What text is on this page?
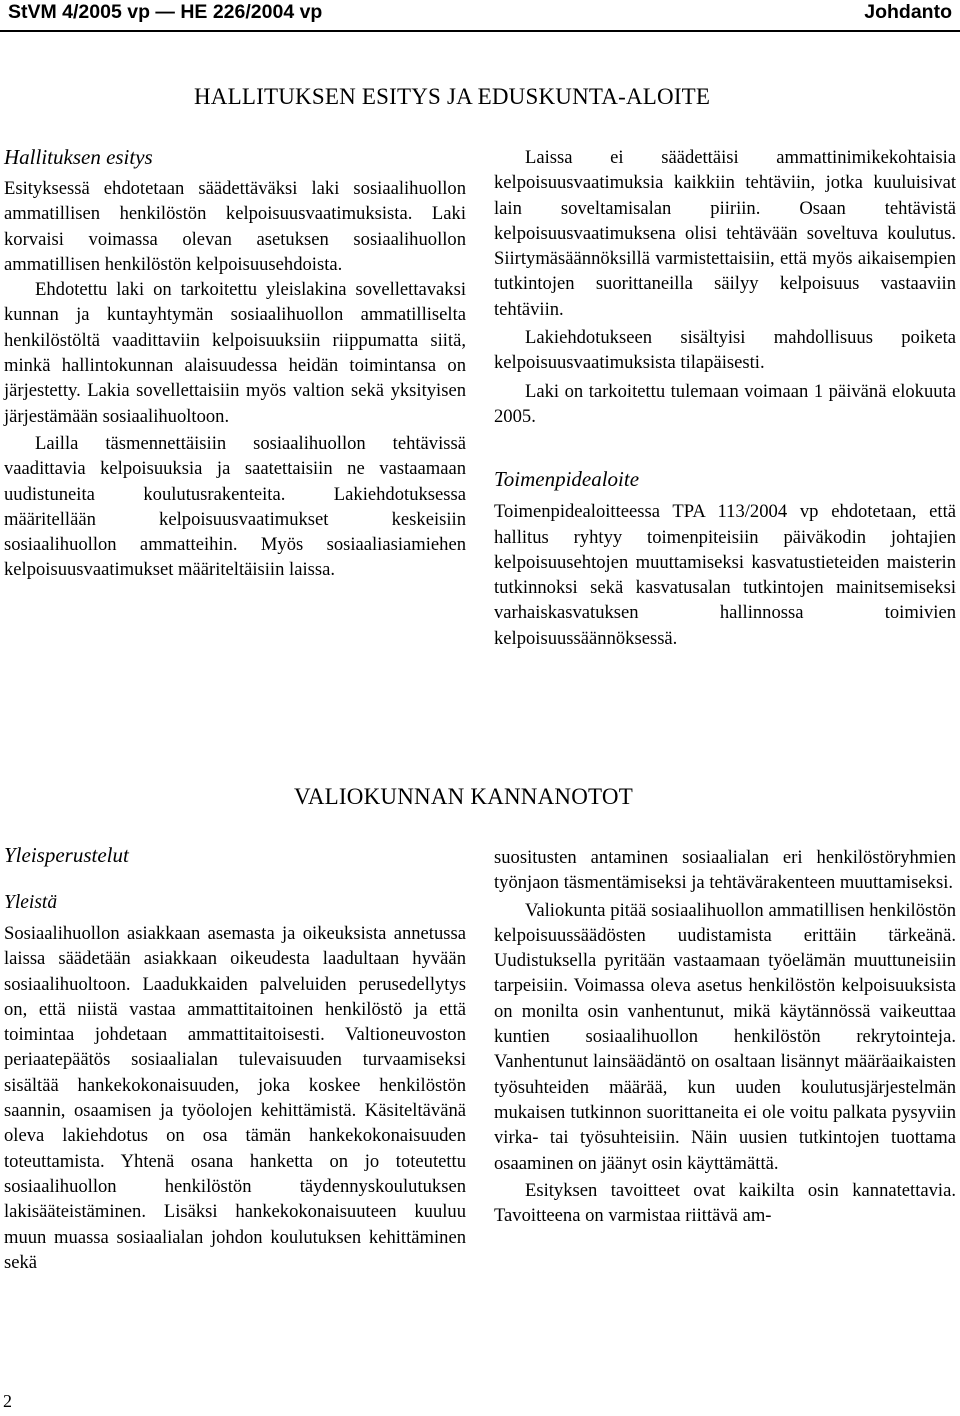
StVM 4/2005 vp — HE 226/2004 vp	Johdanto
HALLITUKSEN ESITYS JA EDUSKUNTA-ALOITE
Hallituksen esitys

Esityksessä ehdotetaan säädettäväksi laki sosiaalihuollon ammatillisen henkilöstön kelpoisuusvaatimuksista. Laki korvaisi voimassa olevan asetuksen sosiaalihuollon ammatillisen henkilöstön kelpoisuusehdoista.

Ehdotettu laki on tarkoitettu yleislakina sovellettavaksi kunnan ja kuntayhtymän sosiaalihuollon ammatilliselta henkilöstöltä vaadittaviin kelpoisuuksiin riippumatta siitä, minkä hallintokunnan alaisuudessa heidän toimintansa on järjestetty. Lakia sovellettaisiin myös valtion sekä yksityisen järjestämään sosiaalihuoltoon.

Lailla täsmennettäisiin sosiaalihuollon tehtävissä vaadittavia kelpoisuuksia ja saatettaisiin ne vastaamaan uudistuneita koulutusrakenteita. Lakiehdotuksessa määritellään kelpoisuusvaatimukset keskeisiin sosiaalihuollon ammatteihin. Myös sosiaaliasiamiehen kelpoisuusvaatimukset määriteltäisiin laissa.

Laissa ei säädettäisi ammattinimikekohtaisia kelpoisuusvaatimuksia kaikkiin tehtäviin, jotka kuuluisivat lain soveltamisalan piiriin. Osaan tehtävistä kelpoisuusvaatimuksena olisi tehtävään soveltuva koulutus. Siirtymäsäännöksillä varmistettaisiin, että myös aikaisempien tutkintojen suorittaneilla säilyy kelpoisuus vastaaviin tehtäviin.

Lakiehdotukseen sisältyisi mahdollisuus poiketa kelpoisuusvaatimuksista tilapäisesti.

Laki on tarkoitettu tulemaan voimaan 1 päivänä elokuuta 2005.

Toimenpidealoite

Toimenpidealoitteessa TPA 113/2004 vp ehdotetaan, että hallitus ryhtyy toimenpiteisiin päiväkodin johtajien kelpoisuusehtojen muuttamiseksi kasvatustieteiden maisterin tutkinnoksi sekä kasvatusalan tutkintojen mainitsemiseksi varhaiskasvatuksen hallinnossa toimivien kelpoisuussäännöksessä.

VALIOKUNNAN KANNANOTOT
Yleisperustelut
Yleistä

Sosiaalihuollon asiakkaan asemasta ja oikeuksista annetussa laissa säädetään asiakkaan oikeudesta laadultaan hyvään sosiaalihuoltoon. Laadukkaiden palveluiden perusedellytys on, että niistä vastaa ammattitaitoinen henkilöstö ja että toimintaa johdetaan ammattitaitoisesti. Valtioneuvoston periaatepäätös sosiaalialan tulevaisuuden turvaamiseksi sisältää hankekokonaisuuden, joka koskee henkilöstön saannin, osaamisen ja työolojen kehittämistä. Käsiteltävänä oleva lakiehdotus on osa tämän hankekokonaisuuden toteuttamista. Yhtenä osana hanketta on jo toteutettu sosiaalihuollon henkilöstön täydennyskoulutuksen lakisääteistäminen. Lisäksi hankekokonaisuuteen kuuluu muun muassa sosiaalialan johdon koulutuksen kehittäminen sekä

suositusten antaminen sosiaalialan eri henkilöstöryhmien työnjaon täsmentämiseksi ja tehtävärakenteen muuttamiseksi.

Valiokunta pitää sosiaalihuollon ammatillisen henkilöstön kelpoisuussäädösten uudistamista erittäin tärkeänä. Uudistuksella pyritään vastaamaan työelämän muuttuneisiin tarpeisiin. Voimassa oleva asetus henkilöstön kelpoisuuksista on monilta osin vanhentunut, mikä käytännössä vaikeuttaa kuntien sosiaalihuollon henkilöstön rekrytointeja. Vanhentunut lainsäädäntö on osaltaan lisännyt määräaikaisten työsuhteiden määrää, kun uuden koulutusjärjestelmän mukaisen tutkinnon suorittaneita ei ole voitu palkata pysyviin virka- tai työsuhteisiin. Näin uusien tutkintojen tuottama osaaminen on jäänyt osin käyttämättä.

Esityksen tavoitteet ovat kaikilta osin kannatettavia. Tavoitteena on varmistaa riittävä am-

2
